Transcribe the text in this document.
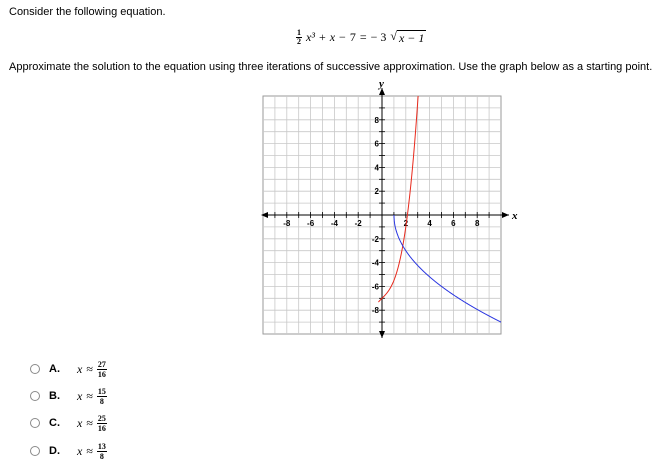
Consider the following equation.
$\frac{1}{2} x^3 + x - 7$ = − 3 √ x − 1
Approximate the solution to the equation using three iterations of successive approximation. Use the graph below as a starting point.
-8 -6 -4 -2	2 4 6 8
8
6
4
2
-2
-4
-6
-8
x
y
A.	$x \approx \frac{27}{16}$
B.	$x \approx \frac{15}{8}$
C.	$x \approx \frac{25}{16}$
D.	$x \approx \frac{13}{8}$
